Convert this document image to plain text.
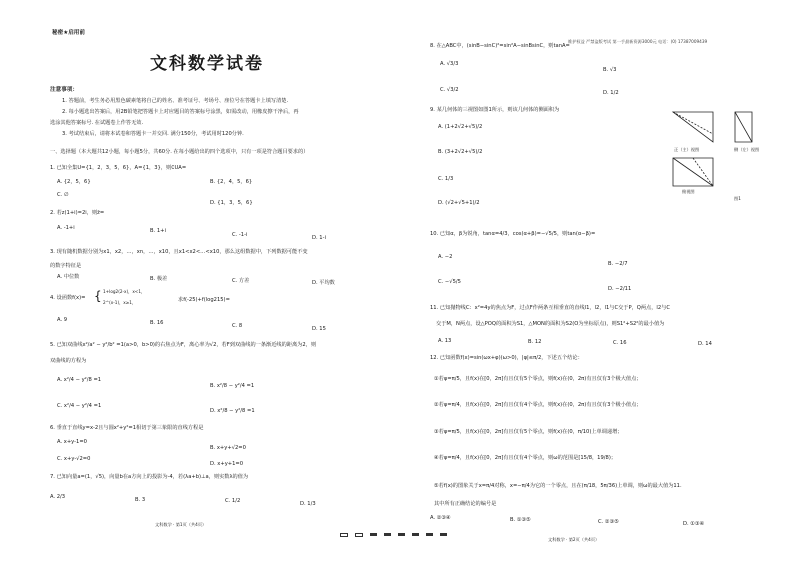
秘密★启用前
文科数学试卷
注意事项：
1. 答题前，考生务必用黑色碳素笔将自己的姓名、准考证号、考场号、座位号在答题卡上填写清楚.
2. 每小题选出答案后，用2B铅笔把答题卡上对应题目的答案标号涂黑，如需改动，用橡皮擦干净后，再
选涂其他答案标号. 在试题卷上作答无效.
3. 考试结束后，请将本试卷和答题卡一并交回. 满分150分，考试用时120分钟.
一、选择题（本大题共12小题，每小题5分，共60分. 在每小题给出的四个选项中，只有一项是符合题目要求的）
1. 已知全集U={1，2，3，5，6}，A={1，3}，则∁UA=
A. {2，5，6}	B. {2，4，5，6}
C. ∅
D. {1，3，5，6}
2. 若z(1+i)=2i，则z̄=
A. -1+i	B. 1+i
C. -1-i	D. 1-i
3. 现有随机数据分别为x1，x2，…，xn，…，x10，且x1<x2<…<x10，那么这组数据中，下列数据可能不变
的数字特征是
A. 中位数	B. 极差	C. 方差	D. 平均数
4. 设函数f(x)= { 1+log2(2-x)，x<1，
2^(x-1)，x≥1，	求f(-25)+f(log215)=
A. 9	B. 16	C. 8	D. 15
5. 已知双曲线x²/a² − y²/b² =1(a>0，b>0)的右焦点为F，离心率为√2，若F到双曲线的一条渐近线的距离为2，则
双曲线的方程为
A. x²/4 − y²/8 =1
B. x²/8 − y²/4 =1
C. x²/4 − y²/4 =1
D. x²/8 − y²/8 =1
6. 垂直于直线y=x-2且与圆x²+y²=1相切于第三象限的直线方程是
A. x+y-1=0
B. x+y+√2=0
C. x+y-√2=0
D. x+y+1=0
7. 已知向量a=(1，√5)，向量b在a方向上的投影为-4，若(λa+b)⊥a，则实数λ的值为
A. 2/3	B. 3	C. 1/2	D. 1/3
文科数学 · 第1页（共4页）
维护权益 严禁盗版考试 第一手最新资源3000元 电话：(0) 17387009439
8. 在△ABC中，(sinB−sinC)²=sin²A−sinBsinC，则tanA=
A. √3/3
B. √3
C. √3/2	D. 1/2
9. 某几何体的三视图如图1所示，则该几何体的侧面积为
A. (1+2√2+√5)/2
B. (3+2√2+√5)/2
C. 1/3
D. (√2+√5+1)/2
正（主）视图	侧（左）视图
俯视图
图1
10. 已知α，β为锐角，tanα=4/3，cos(α+β)=−√5/5，则tan(α−β)=
A. −2
B. −2/7
C. −√5/5
D. −2/11
11. 已知抛物线C：x²=4y的焦点为F，过点F作两条互相垂直的直线l1，l2，l1与C交于P，Q两点，l2与C
交于M，N两点，设△POQ的面积为S1，△MON的面积为S2(O为坐标原点)，则S1²+S2²的最小值为
A. 13	B. 12	C. 16	D. 14
12. 已知函数f(x)=sin(ωx+φ)(ω>0)，|φ|≤π/2，下述五个结论：
①若φ=π/5，且f(x)在[0，2π]有且仅有5个零点，则f(x)在(0，2π)有且仅有3个极大值点；
②若φ=π/4，且f(x)在[0，2π]有且仅有4个零点，则f(x)在(0，2π)有且仅有3个极小值点；
③若φ=π/5，且f(x)在[0，2π]有且仅有5个零点，则f(x)在(0，π/10)上单调递增；
④若φ=π/4，且f(x)在[0，2π]有且仅有4个零点，则ω的范围是[15/8，19/8)；
⑤若f(x)的图象关于x=π/4对称，x=−π/4为它的一个零点，且在(π/18，5π/36)上单调，则ω的最大值为11.
其中所有正确结论的编号是
A. ②③④	B. ①③⑤	C. ②③⑤	D. ①③④
文科数学 · 第2页（共4页）
